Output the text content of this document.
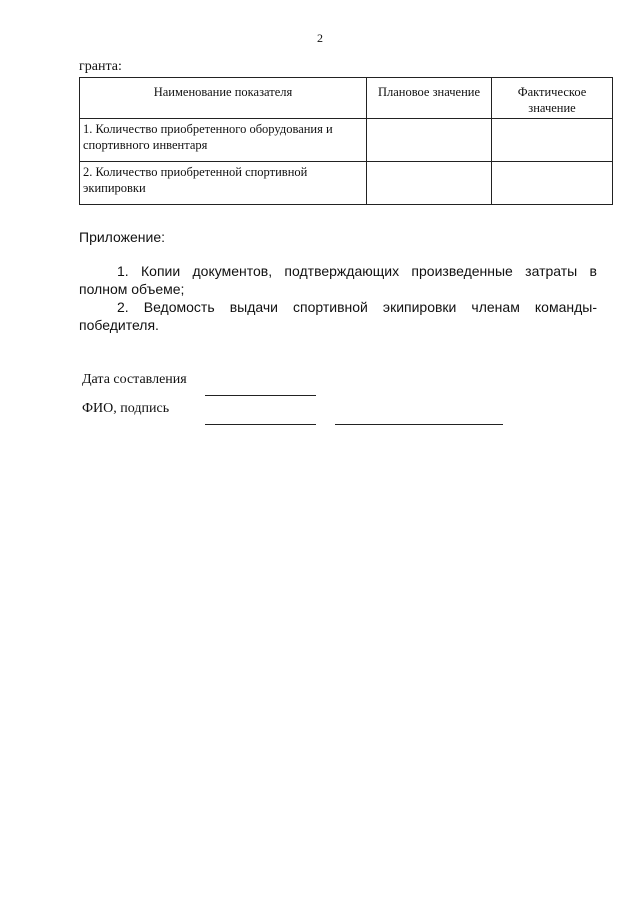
2
гранта:
Наименование показателя	Плановое значение	Фактическое значение
1. Количество приобретенного оборудования и спортивного инвентаря		
2. Количество приобретенной спортивной экипировки		
Приложение:
1. Копии документов, подтверждающих произведенные затраты в полном объеме;
2. Ведомость выдачи спортивной экипировки членам команды-победителя.
Дата составления
ФИО, подпись
